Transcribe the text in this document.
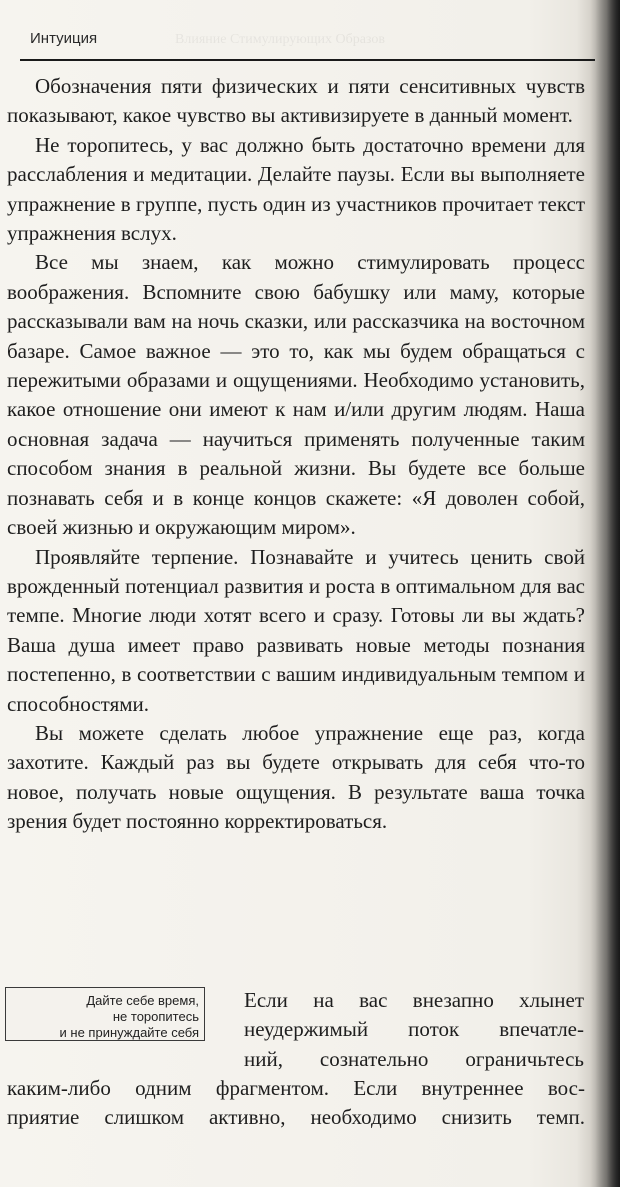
Влияние Стимулирующих Образов
Интуиция

Обозначения пяти физических и пяти сенситивных чувств показывают, какое чувство вы активизируете в данный момент.

Не торопитесь, у вас должно быть достаточно времени для расслабления и медитации. Делайте паузы. Если вы выполняете упражнение в группе, пусть один из участников прочитает текст упражнения вслух.

Все мы знаем, как можно стимулировать процесс воображения. Вспомните свою бабушку или маму, которые рассказывали вам на ночь сказки, или рассказчика на восточном базаре. Самое важное — это то, как мы будем обращаться с пережитыми образами и ощущениями. Необходимо установить, какое отношение они имеют к нам и/или другим людям. Наша основная задача — научиться применять полученные таким способом знания в реальной жизни. Вы будете все больше познавать себя и в конце концов скажете: «Я доволен собой, своей жизнью и окружающим миром».

Проявляйте терпение. Познавайте и учитесь ценить свой врожденный потенциал развития и роста в оптимальном для вас темпе. Многие люди хотят всего и сразу. Готовы ли вы ждать? Ваша душа имеет право развивать новые методы познания постепенно, в соответствии с вашим индивидуальным темпом и способностями.

Вы можете сделать любое упражнение еще раз, когда захотите. Каждый раз вы будете открывать для себя что-то новое, получать новые ощущения. В результате ваша точка зрения будет постоянно корректироваться.

Дайте себе время,
не торопитесь
и не принуждайте себя
Если на вас внезапно хлынет
неудержимый поток впечатле-
ний, сознательно ограничьтесь
каким-либо одним фрагментом. Если внутреннее вос-
приятие слишком активно, необходимо снизить темп.
